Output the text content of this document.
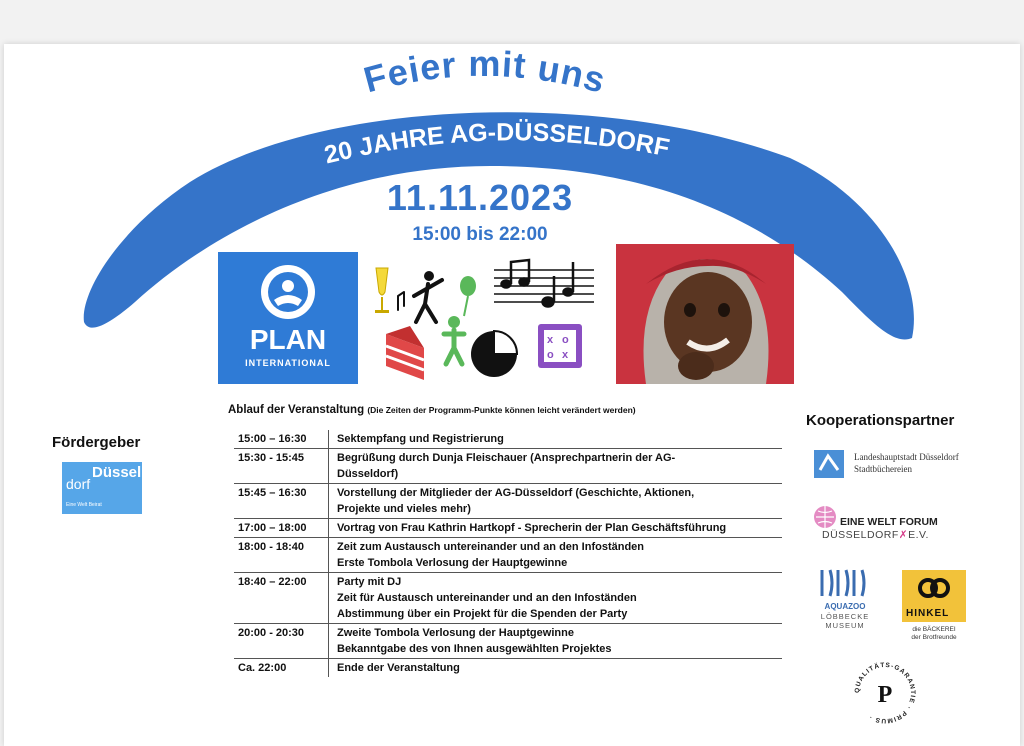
Feier mit uns
20 JAHRE AG-DÜSSELDORF
x o
o x
11.11.2023
15:00 bis 22:00
PLAN
INTERNATIONAL
Ablauf der Veranstaltung (Die Zeiten der Programm-Punkte können leicht verändert werden)
15:00 – 16:30	Sektempfang und Registrierung

15:30 - 15:45	Begrüßung durch Dunja Fleischauer (Ansprechpartnerin der AG-
Düsseldorf)

15:45 – 16:30	Vorstellung der Mitglieder der AG-Düsseldorf (Geschichte, Aktionen,
Projekte und vieles mehr)

17:00 – 18:00	Vortrag von Frau Kathrin Hartkopf - Sprecherin der Plan Geschäftsführung

18:00 - 18:40	Zeit zum Austausch untereinander und an den Infoständen
Erste Tombola Verlosung der Hauptgewinne

18:40 – 22:00	Party mit DJ
Zeit für Austausch untereinander und an den Infoständen
Abstimmung über ein Projekt für die Spenden der Party

20:00 - 20:30	Zweite Tombola Verlosung der Hauptgewinne
Bekanntgabe des von Ihnen ausgewählten Projektes

Ca. 22:00	Ende der Veranstaltung
Fördergeber
dorf
Düssel
Eine Welt Beirat
Kooperationspartner
Landeshauptstadt Düsseldorf
Stadtbüchereien
EINE WELT FORUM
DÜSSELDORF✗E.V.
AQUAZOO
LÖBBECKE
MUSEUM
HINKEL
die BÄCKEREI
der Brotfreunde
QUALITÄTS-GARANTIE · PRIMUS ·
P
